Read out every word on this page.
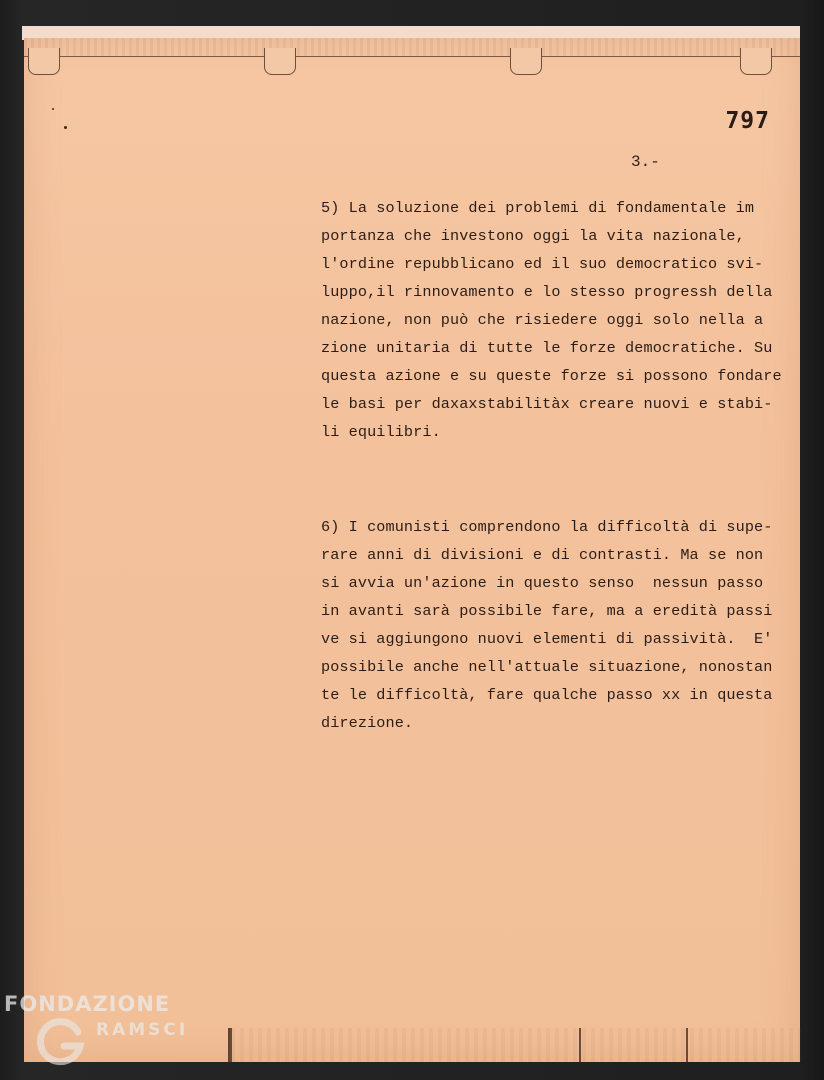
797
3.-
5) La soluzione dei problemi di fondamentale im
portanza che investono oggi la vita nazionale,
l'ordine repubblicano ed il suo democratico svi-
luppo,il rinnovamento e lo stesso progressh della
nazione, non può che risiedere oggi solo nella a
zione unitaria di tutte le forze democratiche. Su
questa azione e su queste forze si possono fondare
le basi per daxaxstabilitàx creare nuovi e stabi-
li equilibri.
6) I comunisti comprendono la difficoltà di supe-
rare anni di divisioni e di contrasti. Ma se non
si avvia un'azione in questo senso  nessun passo
in avanti sarà possibile fare, ma a eredità passi
ve si aggiungono nuovi elementi di passività.  E'
possibile anche nell'attuale situazione, nonostan
te le difficoltà, fare qualche passo xx in questa
direzione.
FONDAZIONE
RAMSCI
